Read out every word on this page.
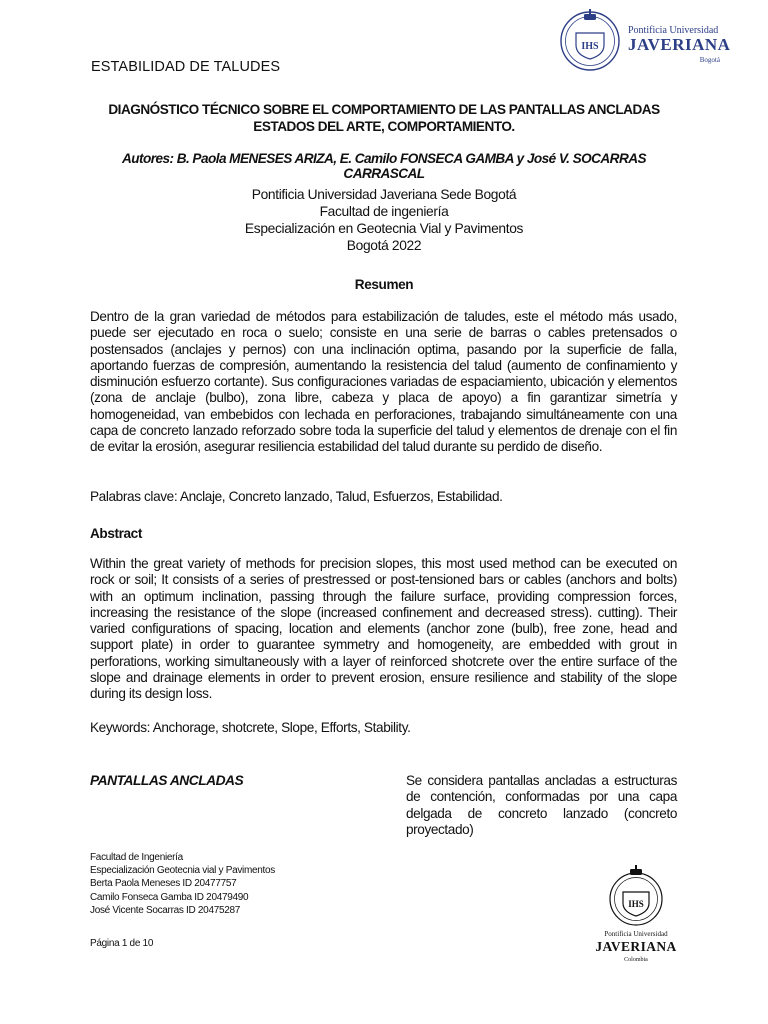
ESTABILIDAD DE TALUDES
IHS
Pontificia Universidad
JAVERIANA
Bogotá
DIAGNÓSTICO TÉCNICO SOBRE EL COMPORTAMIENTO DE LAS PANTALLAS ANCLADAS ESTADOS DEL ARTE, COMPORTAMIENTO.
Autores: B. Paola MENESES ARIZA, E. Camilo FONSECA GAMBA y José V. SOCARRAS CARRASCAL
Pontificia Universidad Javeriana Sede Bogotá
Facultad de ingeniería
Especialización en Geotecnia Vial y Pavimentos
Bogotá 2022
Resumen
Dentro de la gran variedad de métodos para estabilización de taludes, este el método más usado, puede ser ejecutado en roca o suelo; consiste en una serie de barras o cables pretensados o postensados (anclajes y pernos) con una inclinación optima, pasando por la superficie de falla, aportando fuerzas de compresión, aumentando la resistencia del talud (aumento de confinamiento y disminución esfuerzo cortante). Sus configuraciones variadas de espaciamiento, ubicación y elementos (zona de anclaje (bulbo), zona libre, cabeza y placa de apoyo) a fin garantizar simetría y homogeneidad, van embebidos con lechada en perforaciones, trabajando simultáneamente con una capa de concreto lanzado reforzado sobre toda la superficie del talud y elementos de drenaje con el fin de evitar la erosión, asegurar resiliencia estabilidad del talud durante su perdido de diseño.
Palabras clave: Anclaje, Concreto lanzado, Talud, Esfuerzos, Estabilidad.
Abstract
Within the great variety of methods for precision slopes, this most used method can be executed on rock or soil; It consists of a series of prestressed or post-tensioned bars or cables (anchors and bolts) with an optimum inclination, passing through the failure surface, providing compression forces, increasing the resistance of the slope (increased confinement and decreased stress). cutting). Their varied configurations of spacing, location and elements (anchor zone (bulb), free zone, head and support plate) in order to guarantee symmetry and homogeneity, are embedded with grout in perforations, working simultaneously with a layer of reinforced shotcrete over the entire surface of the slope and drainage elements in order to prevent erosion, ensure resilience and stability of the slope during its design loss.
Keywords: Anchorage, shotcrete, Slope, Efforts, Stability.
PANTALLAS ANCLADAS	Se considera pantallas ancladas a estructuras de contención, conformadas por una capa delgada de concreto lanzado (concreto proyectado)
Facultad de Ingeniería
Especialización Geotecnia vial y Pavimentos
Berta Paola Meneses ID 20477757
Camilo Fonseca Gamba ID 20479490
José Vicente Socarras ID 20475287
Página 1 de 10
IHS
Pontificia Universidad
JAVERIANA
Colombia
